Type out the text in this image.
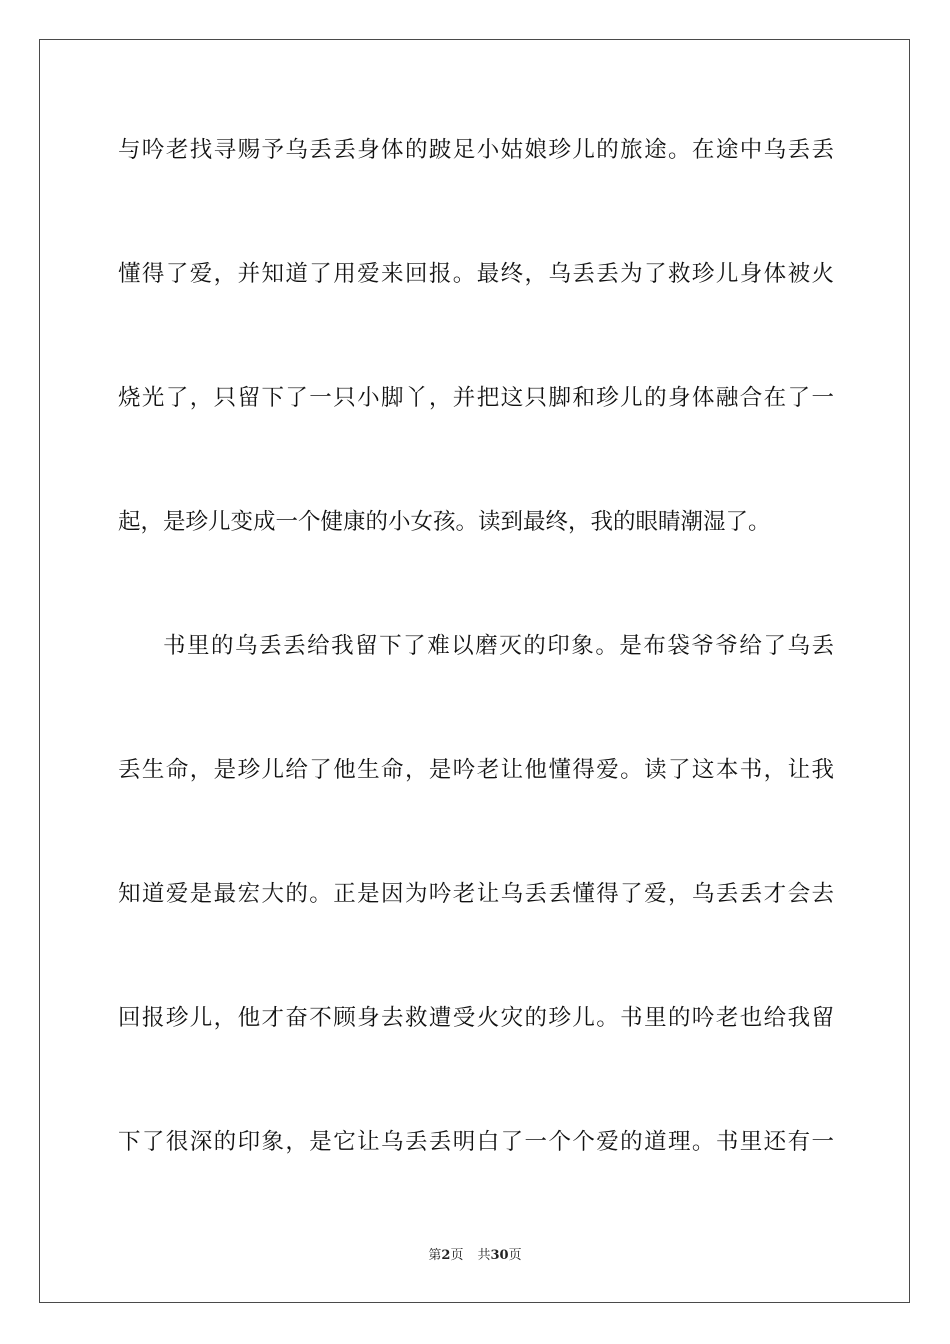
与吟老找寻赐予乌丢丢身体的跛足小姑娘珍儿的旅途。在途中乌丢丢
懂得了爱，并知道了用爱来回报。最终，乌丢丢为了救珍儿身体被火
烧光了，只留下了一只小脚丫，并把这只脚和珍儿的身体融合在了一
起，是珍儿变成一个健康的小女孩。读到最终，我的眼睛潮湿了。
书里的乌丢丢给我留下了难以磨灭的印象。是布袋爷爷给了乌丢
丢生命，是珍儿给了他生命，是吟老让他懂得爱。读了这本书，让我
知道爱是最宏大的。正是因为吟老让乌丢丢懂得了爱，乌丢丢才会去
回报珍儿，他才奋不顾身去救遭受火灾的珍儿。书里的吟老也给我留
下了很深的印象，是它让乌丢丢明白了一个个爱的道理。书里还有一
第2页 共30页
